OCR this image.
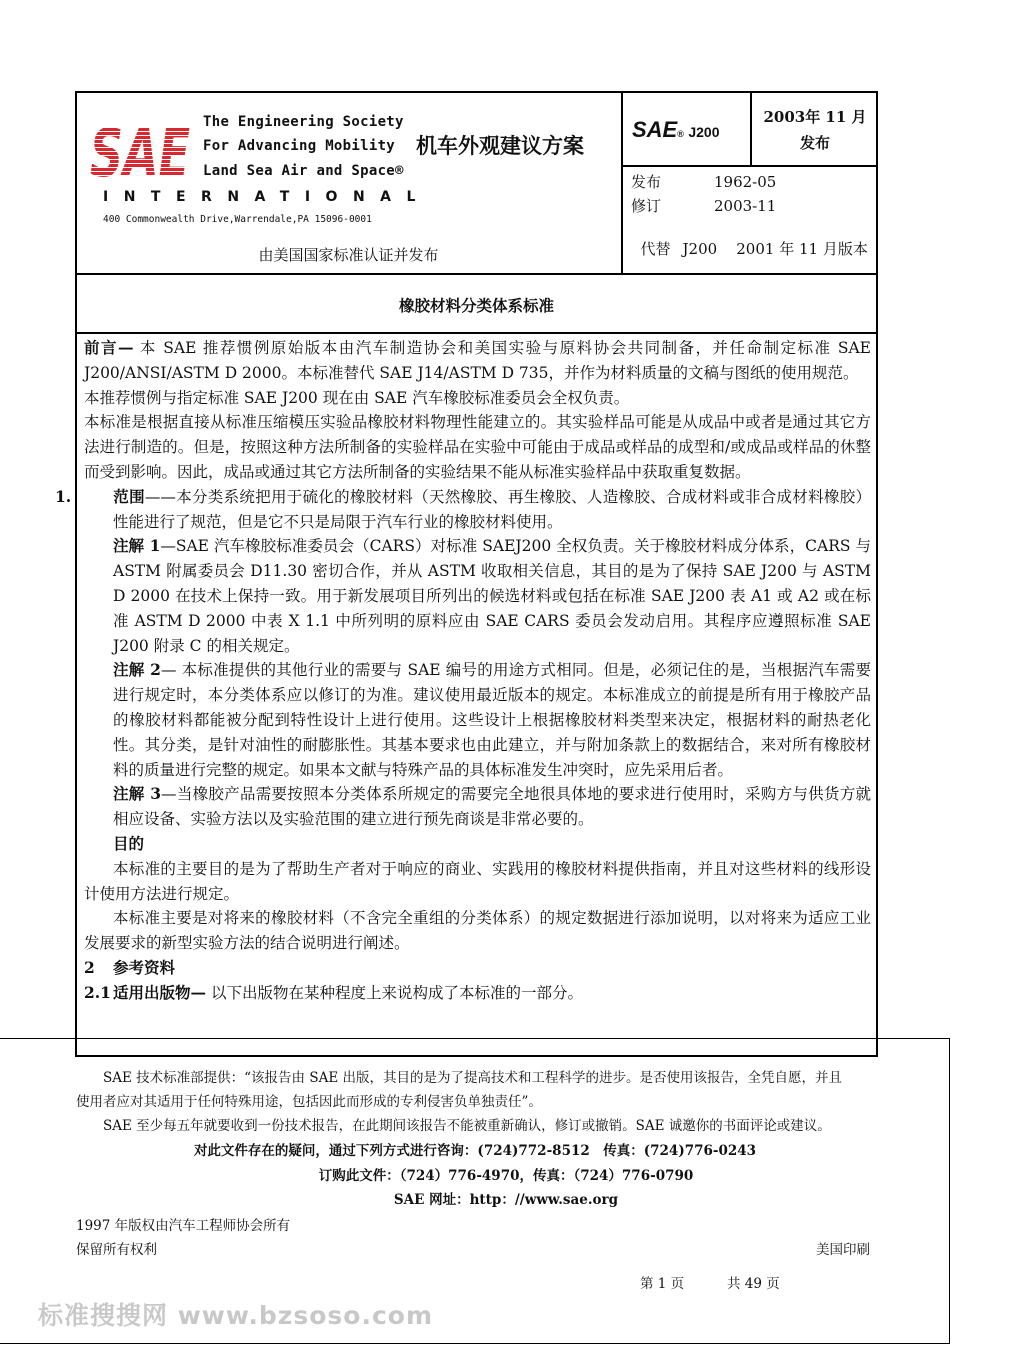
SAE The Engineering Society
For Advancing Mobility
Land Sea Air and Space®
INTERNATIONAL
400 Commonwealth Drive,Warrendale,PA 15096-0001
机车外观建议方案
由美国国家标准认证并发布
SAE® J200
2003年 11 月
发布
发布	1962-05
修订	2003-11

代替 J200    2001 年 11 月版本

橡胶材料分类体系标准

前言— 本 SAE 推荐惯例原始版本由汽车制造协会和美国实验与原料协会共同制备，并任命制定标准 SAE J200/ANSI/ASTM D 2000。本标准替代 SAE J14/ASTM D 735，并作为材料质量的文稿与图纸的使用规范。

本推荐惯例与指定标准 SAE J200 现在由 SAE 汽车橡胶标准委员会全权负责。

本标准是根据直接从标准压缩模压实验品橡胶材料物理性能建立的。其实验样品可能是从成品中或者是通过其它方法进行制造的。但是，按照这种方法所制备的实验样品在实验中可能由于成品或样品的成型和/或成品或样品的休整而受到影响。因此，成品或通过其它方法所制备的实验结果不能从标准实验样品中获取重复数据。

1.	范围——本分类系统把用于硫化的橡胶材料（天然橡胶、再生橡胶、人造橡胶、合成材料或非合成材料橡胶）性能进行了规范，但是它不只是局限于汽车行业的橡胶材料使用。

注解 1—SAE 汽车橡胶标准委员会（CARS）对标准 SAEJ200 全权负责。关于橡胶材料成分体系，CARS 与 ASTM 附属委员会 D11.30 密切合作，并从 ASTM 收取相关信息，其目的是为了保持 SAE J200 与 ASTM D 2000 在技术上保持一致。用于新发展项目所列出的候选材料或包括在标准 SAE J200 表 A1 或 A2 或在标准 ASTM D 2000 中表 X 1.1 中所列明的原料应由 SAE CARS 委员会发动启用。其程序应遵照标准 SAE J200 附录 C 的相关规定。

注解 2— 本标准提供的其他行业的需要与 SAE 编号的用途方式相同。但是，必须记住的是，当根据汽车需要进行规定时，本分类体系应以修订的为准。建议使用最近版本的规定。本标准成立的前提是所有用于橡胶产品的橡胶材料都能被分配到特性设计上进行使用。这些设计上根据橡胶材料类型来决定，根据材料的耐热老化性。其分类，是针对油性的耐膨胀性。其基本要求也由此建立，并与附加条款上的数据结合，来对所有橡胶材料的质量进行完整的规定。如果本文献与特殊产品的具体标准发生冲突时，应先采用后者。

注解 3—当橡胶产品需要按照本分类体系所规定的需要完全地很具体地的要求进行使用时，采购方与供货方就相应设备、实验方法以及实验范围的建立进行预先商谈是非常必要的。

目的

本标准的主要目的是为了帮助生产者对于响应的商业、实践用的橡胶材料提供指南，并且对这些材料的线形设计使用方法进行规定。

本标准主要是对将来的橡胶材料（不含完全重组的分类体系）的规定数据进行添加说明，以对将来为适应工业发展要求的新型实验方法的结合说明进行阐述。

2 参考资料

2.1 适用出版物— 以下出版物在某种程度上来说构成了本标准的一部分。

SAE 技术标准部提供：“该报告由 SAE 出版，其目的是为了提高技术和工程科学的进步。是否使用该报告，全凭自愿，并且
使用者应对其适用于任何特殊用途，包括因此而形成的专利侵害负单独责任”。
SAE 至少每五年就要收到一份技术报告，在此期间该报告不能被重新确认，修订或撤销。SAE 诚邀你的书面评论或建议。
对此文件存在的疑问，通过下列方式进行咨询：(724)772-8512　传真：(724)776-0243
订购此文件：（724）776-4970，传真：（724）776-0790
SAE 网址：http：//www.sae.org
1997 年版权由汽车工程师协会所有
保留所有权利	美国印刷
第 1 页	共 49 页
标准搜搜网 www.bzsoso.com
